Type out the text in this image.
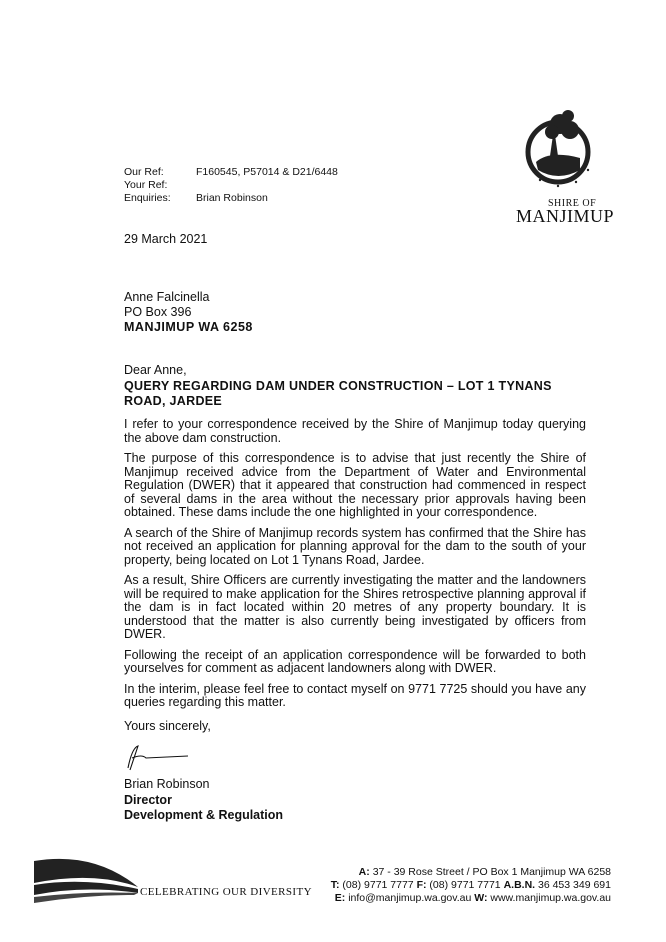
Our Ref:	F160545, P57014 & D21/6448
Your Ref:
Enquiries:	Brian Robinson	SHIRE OF
MANJIMUP
29 March 2021
Anne Falcinella
PO Box 396
MANJIMUP WA 6258
Dear Anne,
QUERY REGARDING DAM UNDER CONSTRUCTION – LOT 1 TYNANS ROAD, JARDEE

I refer to your correspondence received by the Shire of Manjimup today querying the above dam construction.

The purpose of this correspondence is to advise that just recently the Shire of Manjimup received advice from the Department of Water and Environmental Regulation (DWER) that it appeared that construction had commenced in respect of several dams in the area without the necessary prior approvals having been obtained. These dams include the one highlighted in your correspondence.

A search of the Shire of Manjimup records system has confirmed that the Shire has not received an application for planning approval for the dam to the south of your property, being located on Lot 1 Tynans Road, Jardee.

As a result, Shire Officers are currently investigating the matter and the landowners will be required to make application for the Shires retrospective planning approval if the dam is in fact located within 20 metres of any property boundary. It is understood that the matter is also currently being investigated by officers from DWER.

Following the receipt of an application correspondence will be forwarded to both yourselves for comment as adjacent landowners along with DWER.

In the interim, please feel free to contact myself on 9771 7725 should you have any queries regarding this matter.

Yours sincerely,
Brian Robinson
Director
Development & Regulation
CELEBRATING OUR DIVERSITY
A: 37 - 39 Rose Street / PO Box 1 Manjimup WA 6258
T: (08) 9771 7777 F: (08) 9771 7771 A.B.N. 36 453 349 691
E: info@manjimup.wa.gov.au W: www.manjimup.wa.gov.au
